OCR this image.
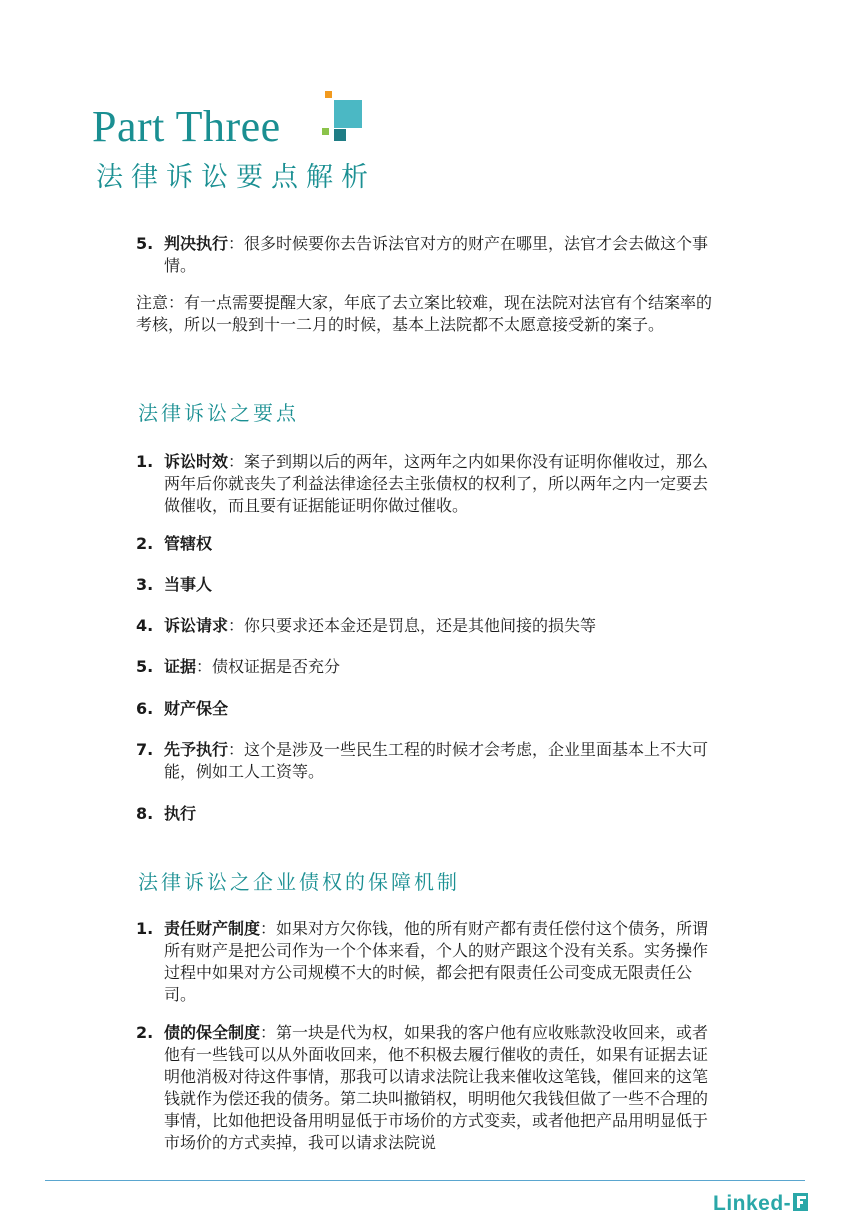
Part Three
法律诉讼要点解析
5. 判决执行：很多时候要你去告诉法官对方的财产在哪里，法官才会去做这个事情。
注意：有一点需要提醒大家，年底了去立案比较难，现在法院对法官有个结案率的考核，所以一般到十一二月的时候，基本上法院都不太愿意接受新的案子。
法律诉讼之要点
1. 诉讼时效：案子到期以后的两年，这两年之内如果你没有证明你催收过，那么两年后你就丧失了利益法律途径去主张债权的权利了，所以两年之内一定要去做催收，而且要有证据能证明你做过催收。
2. 管辖权
3. 当事人
4. 诉讼请求：你只要求还本金还是罚息，还是其他间接的损失等
5. 证据：债权证据是否充分
6. 财产保全
7. 先予执行：这个是涉及一些民生工程的时候才会考虑，企业里面基本上不大可能，例如工人工资等。
8. 执行
法律诉讼之企业债权的保障机制
1. 责任财产制度：如果对方欠你钱，他的所有财产都有责任偿付这个债务，所谓所有财产是把公司作为一个个体来看，个人的财产跟这个没有关系。实务操作过程中如果对方公司规模不大的时候，都会把有限责任公司变成无限责任公司。
2. 债的保全制度：第一块是代为权，如果我的客户他有应收账款没收回来，或者他有一些钱可以从外面收回来，他不积极去履行催收的责任，如果有证据去证明他消极对待这件事情，那我可以请求法院让我来催收这笔钱，催回来的这笔钱就作为偿还我的债务。第二块叫撤销权，明明他欠我钱但做了一些不合理的事情，比如他把设备用明显低于市场价的方式变卖，或者他把产品用明显低于市场价的方式卖掉，我可以请求法院说
Linked-
